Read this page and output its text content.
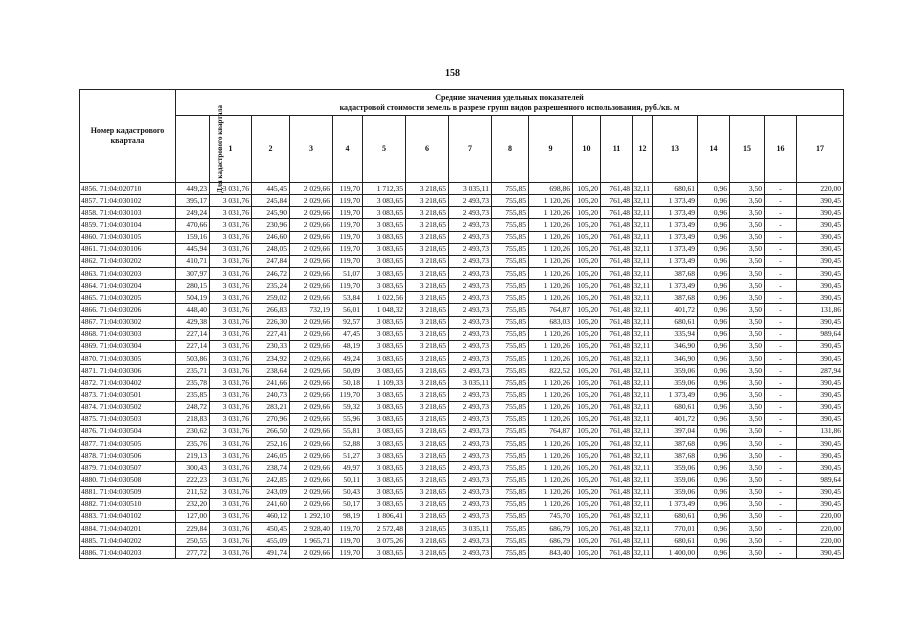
158
Номер кадастрового квартала	Средние значения удельных показателей
кадастровой стоимости земель в разрезе групп видов разрешенного использования, руб./кв. м																	

	Для кадастрового квартала	1	2	3	4	5	6	7	8	9	10	11	12	13	14	15	16	17
4856. 71:04:020710	449,23	3 031,76	445,45	2 029,66	119,70	1 712,35	3 218,65	3 035,11	755,85	698,86	105,20	761,48	32,11	680,61	0,96	3,50	-	220,00
4857. 71:04:030102	395,17	3 031,76	245,84	2 029,66	119,70	3 083,65	3 218,65	2 493,73	755,85	1 120,26	105,20	761,48	32,11	1 373,49	0,96	3,50	-	390,45
4858. 71:04:030103	249,24	3 031,76	245,90	2 029,66	119,70	3 083,65	3 218,65	2 493,73	755,85	1 120,26	105,20	761,48	32,11	1 373,49	0,96	3,50	-	390,45
4859. 71:04:030104	470,66	3 031,76	230,96	2 029,66	119,70	3 083,65	3 218,65	2 493,73	755,85	1 120,26	105,20	761,48	32,11	1 373,49	0,96	3,50	-	390,45
4860. 71:04:030105	159,16	3 031,76	246,60	2 029,66	119,70	3 083,65	3 218,65	2 493,73	755,85	1 120,26	105,20	761,48	32,11	1 373,49	0,96	3,50	-	390,45
4861. 71:04:030106	445,94	3 031,76	248,05	2 029,66	119,70	3 083,65	3 218,65	2 493,73	755,85	1 120,26	105,20	761,48	32,11	1 373,49	0,96	3,50	-	390,45
4862. 71:04:030202	410,71	3 031,76	247,84	2 029,66	119,70	3 083,65	3 218,65	2 493,73	755,85	1 120,26	105,20	761,48	32,11	1 373,49	0,96	3,50	-	390,45
4863. 71:04:030203	307,97	3 031,76	246,72	2 029,66	51,07	3 083,65	3 218,65	2 493,73	755,85	1 120,26	105,20	761,48	32,11	387,68	0,96	3,50	-	390,45
4864. 71:04:030204	280,15	3 031,76	235,24	2 029,66	119,70	3 083,65	3 218,65	2 493,73	755,85	1 120,26	105,20	761,48	32,11	1 373,49	0,96	3,50	-	390,45
4865. 71:04:030205	504,19	3 031,76	259,02	2 029,66	53,84	1 022,56	3 218,65	2 493,73	755,85	1 120,26	105,20	761,48	32,11	387,68	0,96	3,50	-	390,45
4866. 71:04:030206	448,40	3 031,76	266,83	732,19	56,01	1 048,32	3 218,65	2 493,73	755,85	764,87	105,20	761,48	32,11	401,72	0,96	3,50	-	131,86
4867. 71:04:030302	429,38	3 031,76	226,30	2 029,66	92,57	3 083,65	3 218,65	2 493,73	755,85	683,03	105,20	761,48	32,11	680,61	0,96	3,50	-	390,45
4868. 71:04:030303	227,14	3 031,76	227,41	2 029,66	47,45	3 083,65	3 218,65	2 493,73	755,85	1 120,26	105,20	761,48	32,11	335,94	0,96	3,50	-	989,64
4869. 71:04:030304	227,14	3 031,76	230,33	2 029,66	48,19	3 083,65	3 218,65	2 493,73	755,85	1 120,26	105,20	761,48	32,11	346,90	0,96	3,50	-	390,45
4870. 71:04:030305	503,86	3 031,76	234,92	2 029,66	49,24	3 083,65	3 218,65	2 493,73	755,85	1 120,26	105,20	761,48	32,11	346,90	0,96	3,50	-	390,45
4871. 71:04:030306	235,71	3 031,76	238,64	2 029,66	50,09	3 083,65	3 218,65	2 493,73	755,85	822,52	105,20	761,48	32,11	359,06	0,96	3,50	-	287,94
4872. 71:04:030402	235,78	3 031,76	241,66	2 029,66	50,18	1 109,33	3 218,65	3 035,11	755,85	1 120,26	105,20	761,48	32,11	359,06	0,96	3,50	-	390,45
4873. 71:04:030501	235,85	3 031,76	240,73	2 029,66	119,70	3 083,65	3 218,65	2 493,73	755,85	1 120,26	105,20	761,48	32,11	1 373,49	0,96	3,50	-	390,45
4874. 71:04:030502	248,72	3 031,76	283,21	2 029,66	59,32	3 083,65	3 218,65	2 493,73	755,85	1 120,26	105,20	761,48	32,11	680,61	0,96	3,50	-	390,45
4875. 71:04:030503	218,83	3 031,76	270,96	2 029,66	55,96	3 083,65	3 218,65	2 493,73	755,85	1 120,26	105,20	761,48	32,11	401,72	0,96	3,50	-	390,45
4876. 71:04:030504	230,62	3 031,76	266,50	2 029,66	55,81	3 083,65	3 218,65	2 493,73	755,85	764,87	105,20	761,48	32,11	397,04	0,96	3,50	-	131,86
4877. 71:04:030505	235,76	3 031,76	252,16	2 029,66	52,88	3 083,65	3 218,65	2 493,73	755,85	1 120,26	105,20	761,48	32,11	387,68	0,96	3,50	-	390,45
4878. 71:04:030506	219,13	3 031,76	246,05	2 029,66	51,27	3 083,65	3 218,65	2 493,73	755,85	1 120,26	105,20	761,48	32,11	387,68	0,96	3,50	-	390,45
4879. 71:04:030507	300,43	3 031,76	238,74	2 029,66	49,97	3 083,65	3 218,65	2 493,73	755,85	1 120,26	105,20	761,48	32,11	359,06	0,96	3,50	-	390,45
4880. 71:04:030508	222,23	3 031,76	242,85	2 029,66	50,11	3 083,65	3 218,65	2 493,73	755,85	1 120,26	105,20	761,48	32,11	359,06	0,96	3,50	-	989,64
4881. 71:04:030509	211,52	3 031,76	243,09	2 029,66	50,43	3 083,65	3 218,65	2 493,73	755,85	1 120,26	105,20	761,48	32,11	359,06	0,96	3,50	-	390,45
4882. 71:04:030510	232,20	3 031,76	241,60	2 029,66	50,17	3 083,65	3 218,65	2 493,73	755,85	1 120,26	105,20	761,48	32,11	1 373,49	0,96	3,50	-	390,45
4883. 71:04:040102	127,00	3 031,76	460,12	1 292,10	98,19	1 806,41	3 218,65	2 493,73	755,85	745,70	105,20	761,48	32,11	680,61	0,96	3,50	-	220,00
4884. 71:04:040201	229,84	3 031,76	450,45	2 928,40	119,70	2 572,48	3 218,65	3 035,11	755,85	686,79	105,20	761,48	32,11	770,01	0,96	3,50	-	220,00
4885. 71:04:040202	250,55	3 031,76	455,09	1 965,71	119,70	3 075,26	3 218,65	2 493,73	755,85	686,79	105,20	761,48	32,11	680,61	0,96	3,50	-	220,00
4886. 71:04:040203	277,72	3 031,76	491,74	2 029,66	119,70	3 083,65	3 218,65	2 493,73	755,85	843,40	105,20	761,48	32,11	1 400,00	0,96	3,50	-	390,45
